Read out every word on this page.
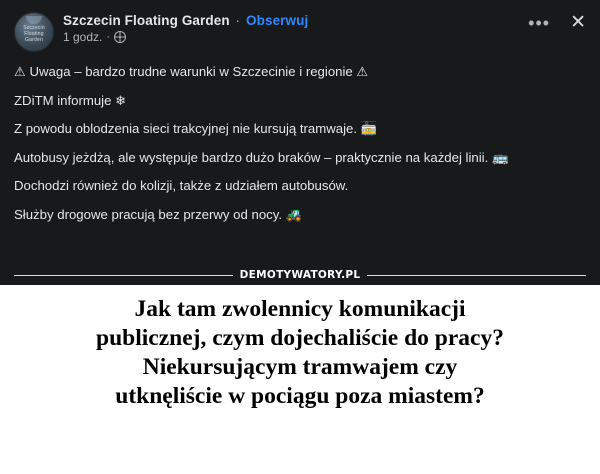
Szczecin Floating Garden
Szczecin Floating Garden · Obserwuj
1 godz. ·
••• ✕

⚠ Uwaga – bardzo trudne warunki w Szczecinie i regionie ⚠

ZDiTM informuje ❄

Z powodu oblodzenia sieci trakcyjnej nie kursują tramwaje. 🚋

Autobusy jeżdżą, ale występuje bardzo dużo braków – praktycznie na każdej linii. 🚌

Dochodzi również do kolizji, także z udziałem autobusów.

Służby drogowe pracują bez przerwy od nocy. 🚜

DEMOTYWATORY.PL
Jak tam zwolennicy komunikacji
publicznej, czym dojechaliście do pracy?
Niekursującym tramwajem czy
utknęliście w pociągu poza miastem?
